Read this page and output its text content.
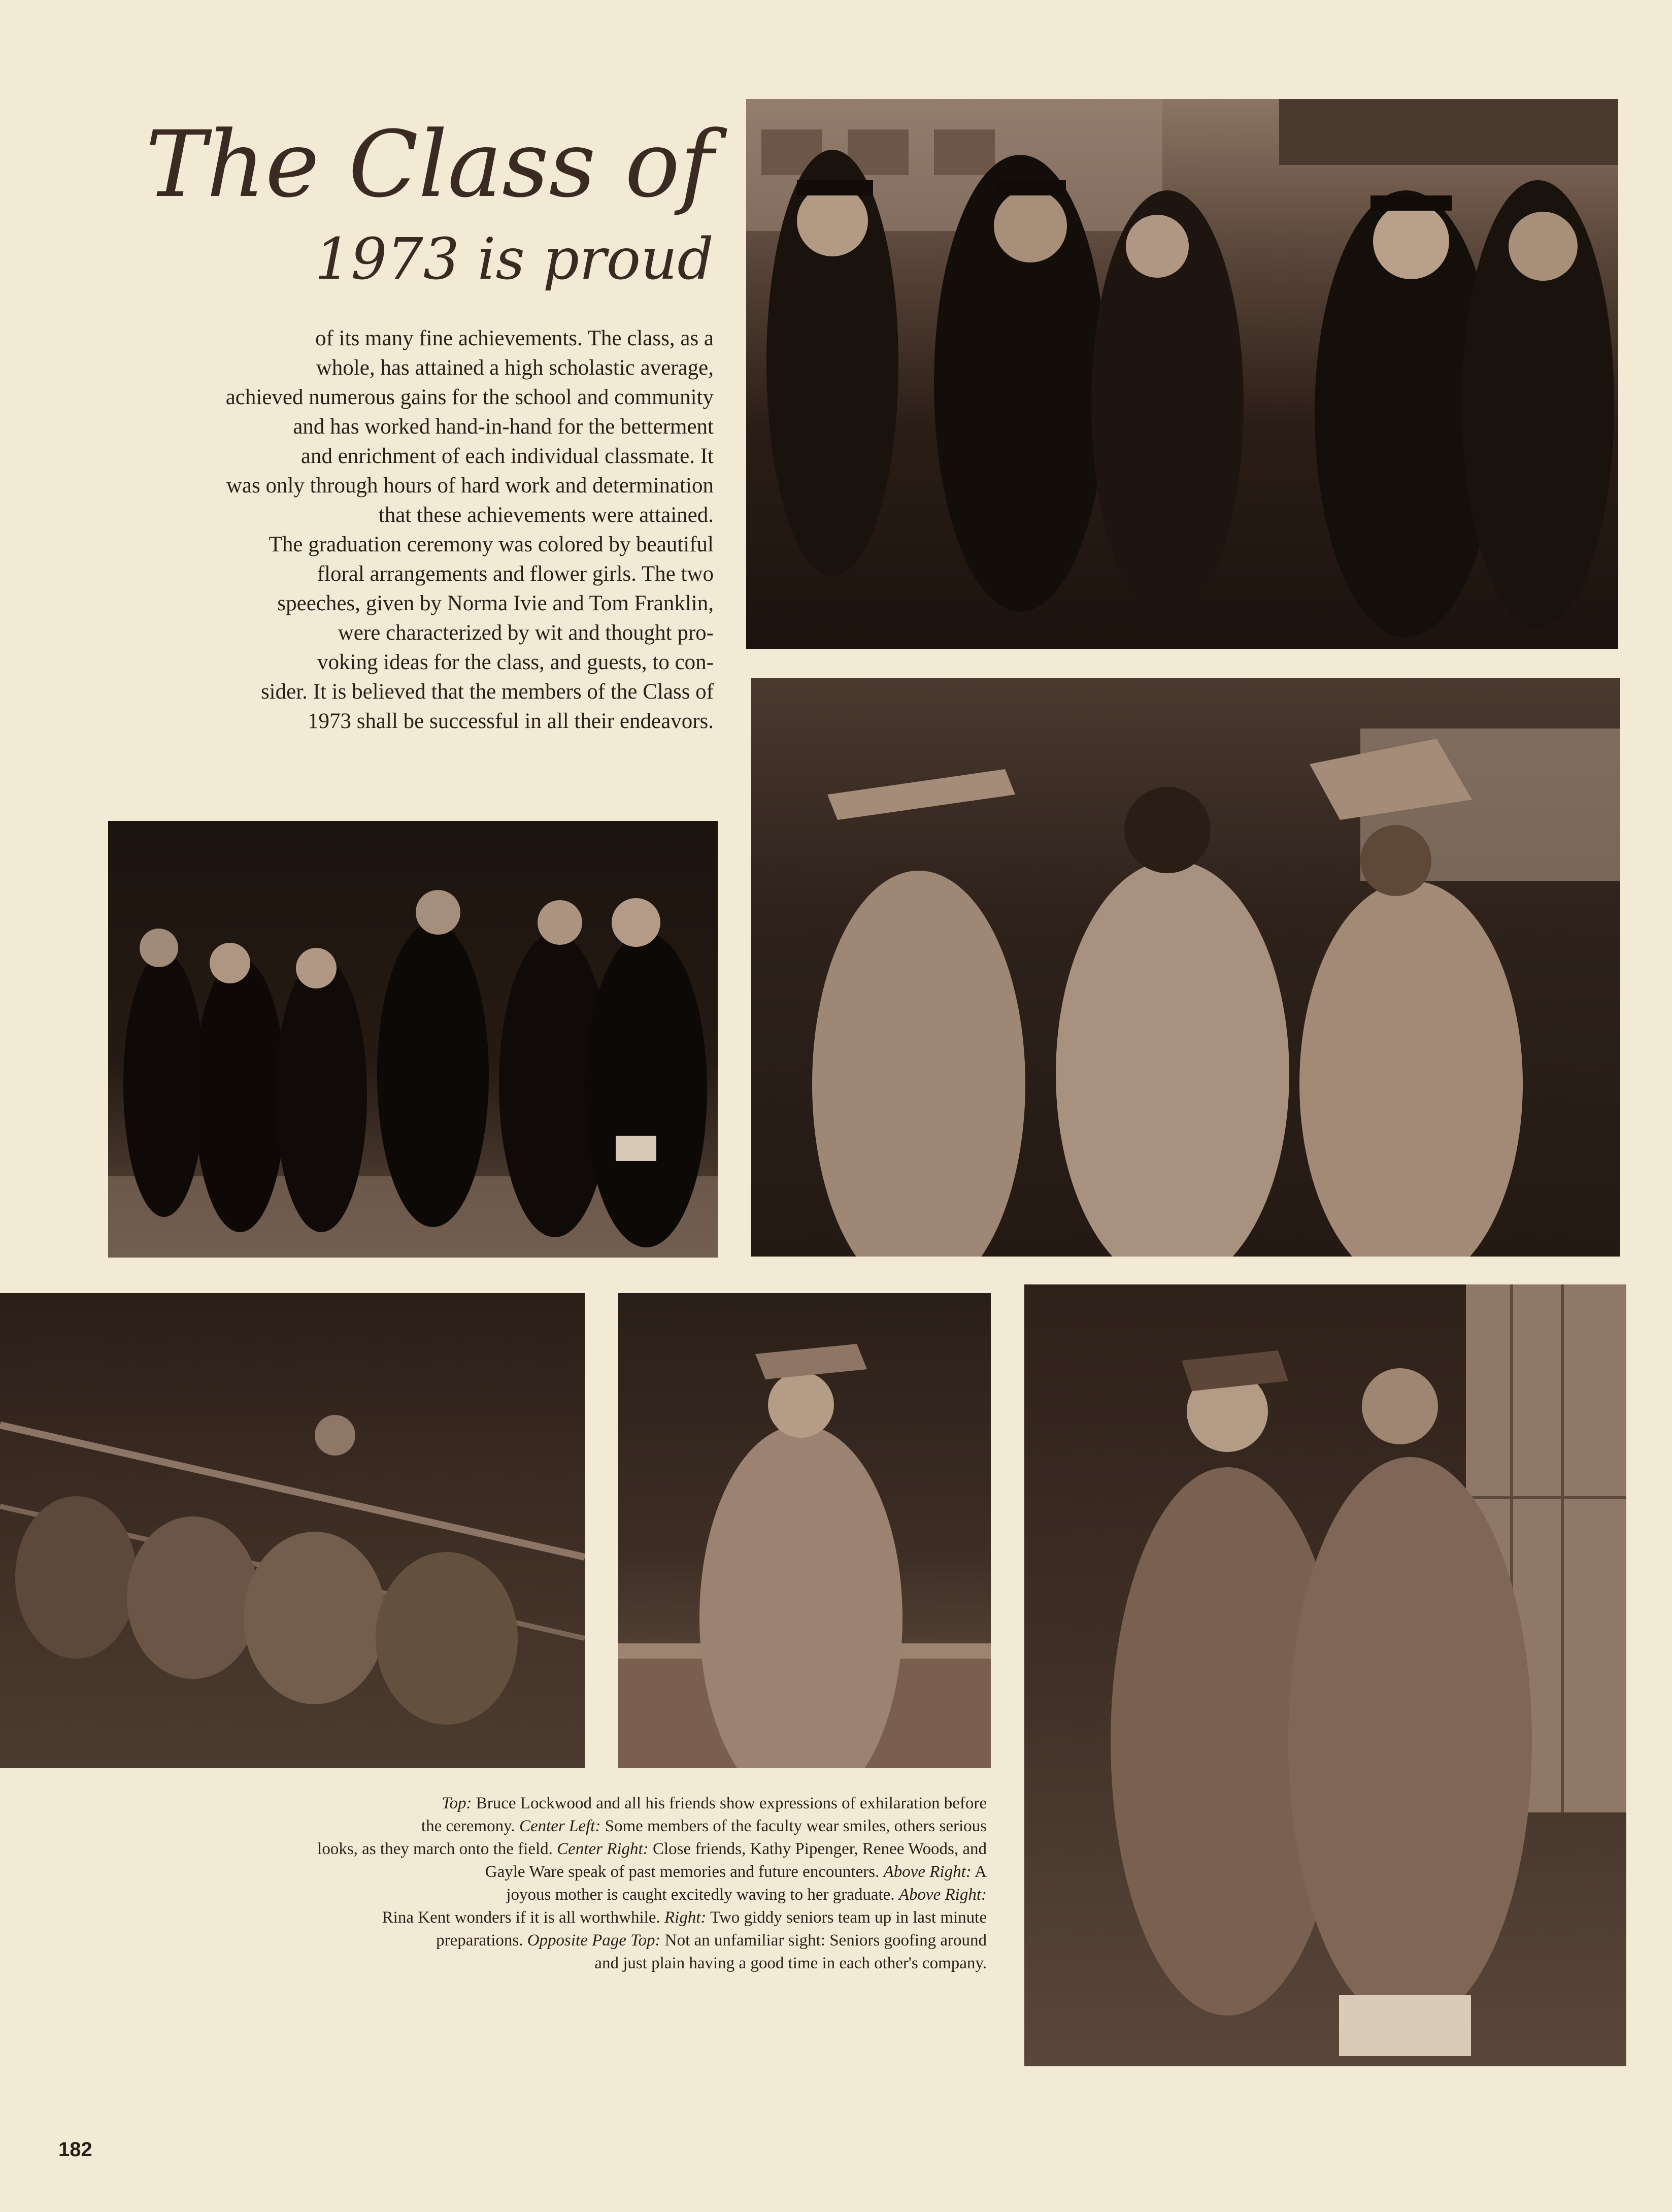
The Class of
1973 is proud
of its many fine achievements. The class, as a
whole, has attained a high scholastic average,
achieved numerous gains for the school and community
and has worked hand-in-hand for the betterment
and enrichment of each individual classmate. It
was only through hours of hard work and determination
that these achievements were attained.
The graduation ceremony was colored by beautiful
floral arrangements and flower girls. The two
speeches, given by Norma Ivie and Tom Franklin,
were characterized by wit and thought pro-
voking ideas for the class, and guests, to con-
sider. It is believed that the members of the Class of
1973 shall be successful in all their endeavors.
Top: Bruce Lockwood and all his friends show expressions of exhilaration before
the ceremony. Center Left: Some members of the faculty wear smiles, others serious
looks, as they march onto the field. Center Right: Close friends, Kathy Pipenger, Renee Woods, and
Gayle Ware speak of past memories and future encounters. Above Right: A
joyous mother is caught excitedly waving to her graduate. Above Right:
Rina Kent wonders if it is all worthwhile. Right: Two giddy seniors team up in last minute
preparations. Opposite Page Top: Not an unfamiliar sight: Seniors goofing around
and just plain having a good time in each other's company.
182
